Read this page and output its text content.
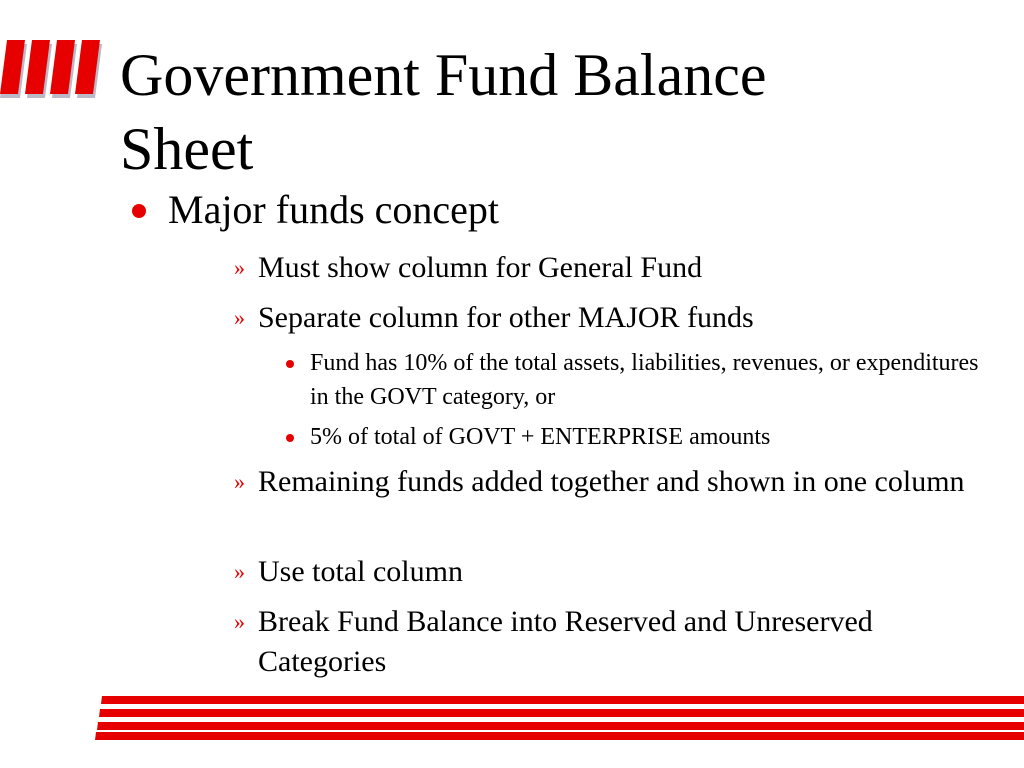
Government Fund Balance
Sheet
Major funds concept
» Must show column for General Fund
» Separate column for other MAJOR funds
Fund has 10% of the total assets, liabilities, revenues, or expenditures in the GOVT category, or
5% of total of GOVT + ENTERPRISE amounts
» Remaining funds added together and shown in one column
» Use total column
» Break Fund Balance into Reserved and Unreserved Categories
